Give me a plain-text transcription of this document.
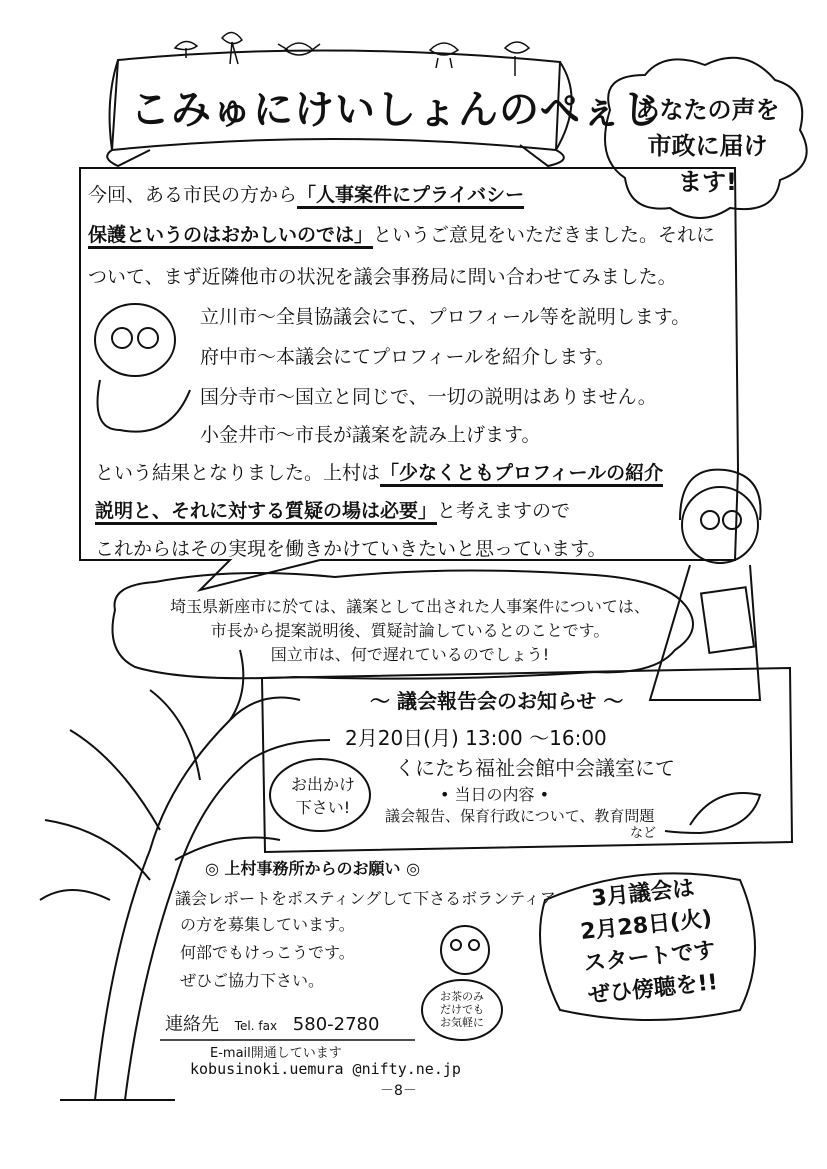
こみゅにけいしょんのぺぇじ
あなたの声を
市政に届け
ます!
今回、ある市民の方から「人事案件にプライバシー
保護というのはおかしいのでは」というご意見をいただきました。それに
ついて、まず近隣他市の状況を議会事務局に問い合わせてみました。
立川市～全員協議会にて、プロフィール等を説明します。
府中市～本議会にてプロフィールを紹介します。
国分寺市～国立と同じで、一切の説明はありません。
小金井市～市長が議案を読み上げます。
という結果となりました。上村は「少なくともプロフィールの紹介
説明と、それに対する質疑の場は必要」と考えますので
これからはその実現を働きかけていきたいと思っています。
埼玉県新座市に於ては、議案として出された人事案件については、
市長から提案説明後、質疑討論しているとのことです。
国立市は、何で遅れているのでしょう!
～ 議会報告会のお知らせ ～
2月20日(月) 13:00 ～16:00
くにたち福祉会館中会議室にて
• 当日の内容 •
議会報告、保育行政について、教育問題
など
お出かけ
下さい!
◎ 上村事務所からのお願い ◎
議会レポートをポスティングして下さるボランティア
の方を募集しています。
何部でもけっこうです。
ぜひご協力下さい。
お茶のみ
だけでも
お気軽に
連絡先 Tel. fax 580-2780
E-mail開通しています
kobusinoki.uemura @nifty.ne.jp
3月議会は
2月28日(火)
スタートです
ぜひ傍聴を!!
－8－
